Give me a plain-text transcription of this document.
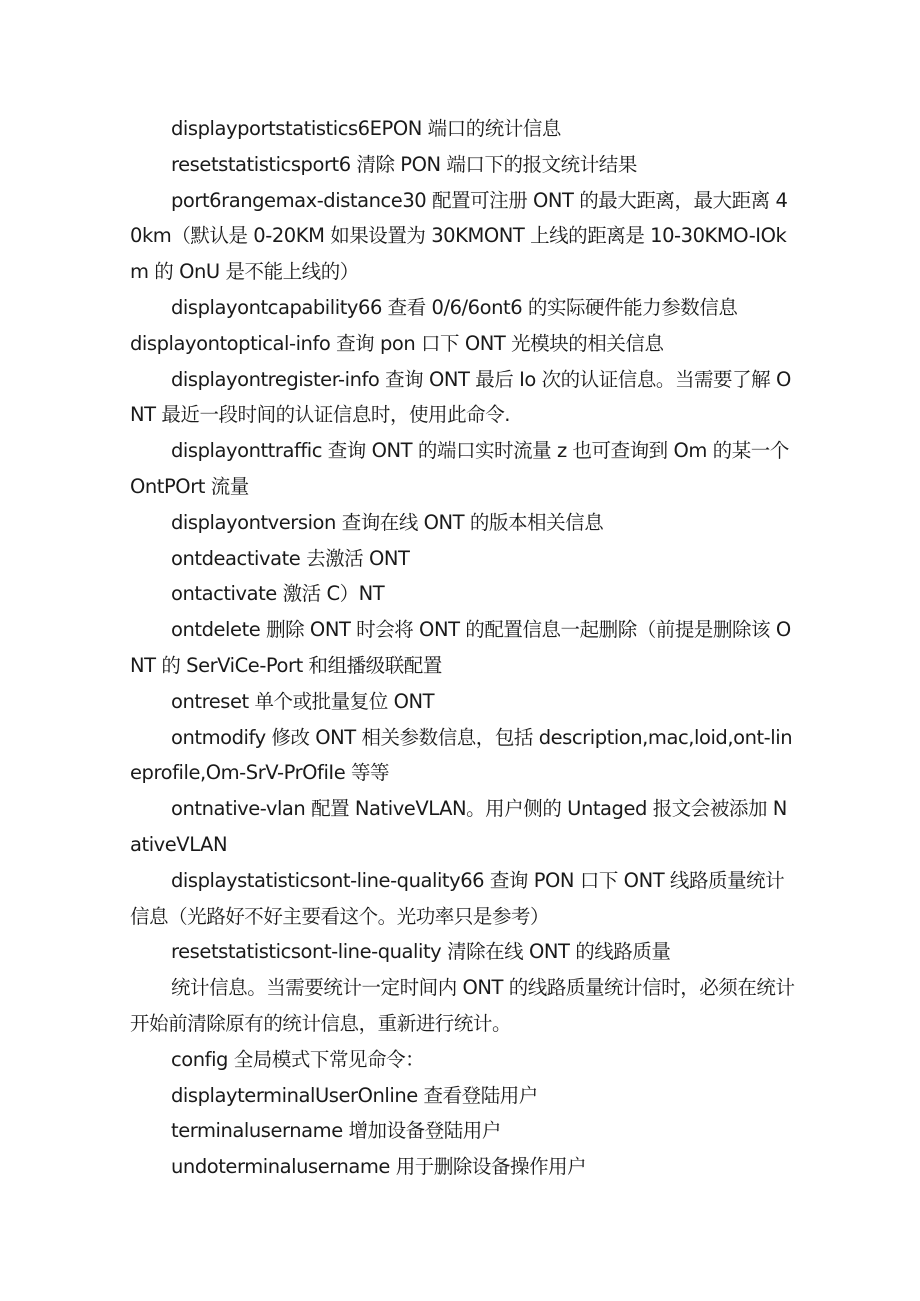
displayportstatistics6EPON 端口的统计信息

resetstatisticsport6 清除 PON 端口下的报文统计结果

port6rangemax-distance30 配置可注册 ONT 的最大距离，最大距离 40km（默认是 0-20KM 如果设置为 30KMONT 上线的距离是 10-30KMO-IOkm 的 OnU 是不能上线的）

displayontcapability66 查看 0/6/6ont6 的实际硬件能力参数信息

displayontoptical-info 查询 pon 口下 ONT 光模块的相关信息

displayontregister-info 查询 ONT 最后 Io 次的认证信息。当需要了解 ONT 最近一段时间的认证信息时，使用此命令.

displayonttraffic 查询 ONT 的端口实时流量 z 也可查询到 Om 的某一个 OntPOrt 流量

displayontversion 查询在线 ONT 的版本相关信息

ontdeactivate 去激活 ONT

ontactivate 激活 C）NT

ontdelete 删除 ONT 时会将 ONT 的配置信息一起删除（前提是删除该 ONT 的 SerViCe-Port 和组播级联配置

ontreset 单个或批量复位 ONT

ontmodify 修改 ONT 相关参数信息，包括 description,mac,loid,ont-lineprofile,Om-SrV-PrOfiIe 等等

ontnative-vlan 配置 NativeVLAN。用户侧的 Untaged 报文会被添加 NativeVLAN

displaystatisticsont-line-quality66 查询 PON 口下 ONT 线路质量统计信息（光路好不好主要看这个。光功率只是参考）

resetstatisticsont-line-quality 清除在线 ONT 的线路质量

统计信息。当需要统计一定时间内 ONT 的线路质量统计信时，必须在统计开始前清除原有的统计信息，重新进行统计。

config 全局模式下常见命令：

displayterminalUserOnline 查看登陆用户

terminalusername 增加设备登陆用户

undoterminalusername 用于删除设备操作用户
